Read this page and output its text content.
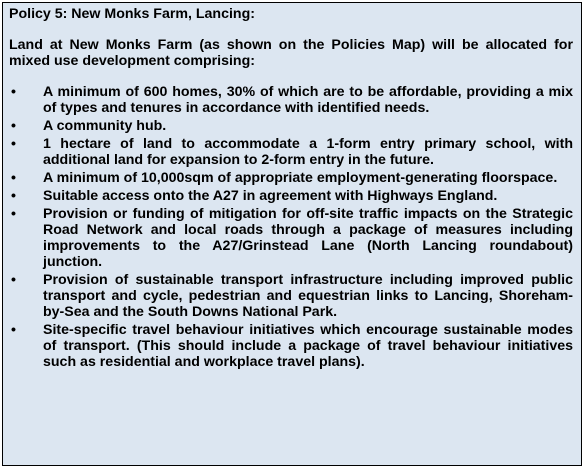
Policy 5: New Monks Farm, Lancing:
Land at New Monks Farm (as shown on the Policies Map) will be allocated for mixed use development comprising:
• A minimum of 600 homes, 30% of which are to be affordable, providing a mix of types and tenures in accordance with identified needs.
• A community hub.
• 1 hectare of land to accommodate a 1-form entry primary school, with additional land for expansion to 2-form entry in the future.
• A minimum of 10,000sqm of appropriate employment-generating floorspace.
• Suitable access onto the A27 in agreement with Highways England.
• Provision or funding of mitigation for off-site traffic impacts on the Strategic Road Network and local roads through a package of measures including improvements to the A27/Grinstead Lane (North Lancing roundabout) junction.
• Provision of sustainable transport infrastructure including improved public transport and cycle, pedestrian and equestrian links to Lancing, Shoreham-by-Sea and the South Downs National Park.
• Site-specific travel behaviour initiatives which encourage sustainable modes of transport. (This should include a package of travel behaviour initiatives such as residential and workplace travel plans).
